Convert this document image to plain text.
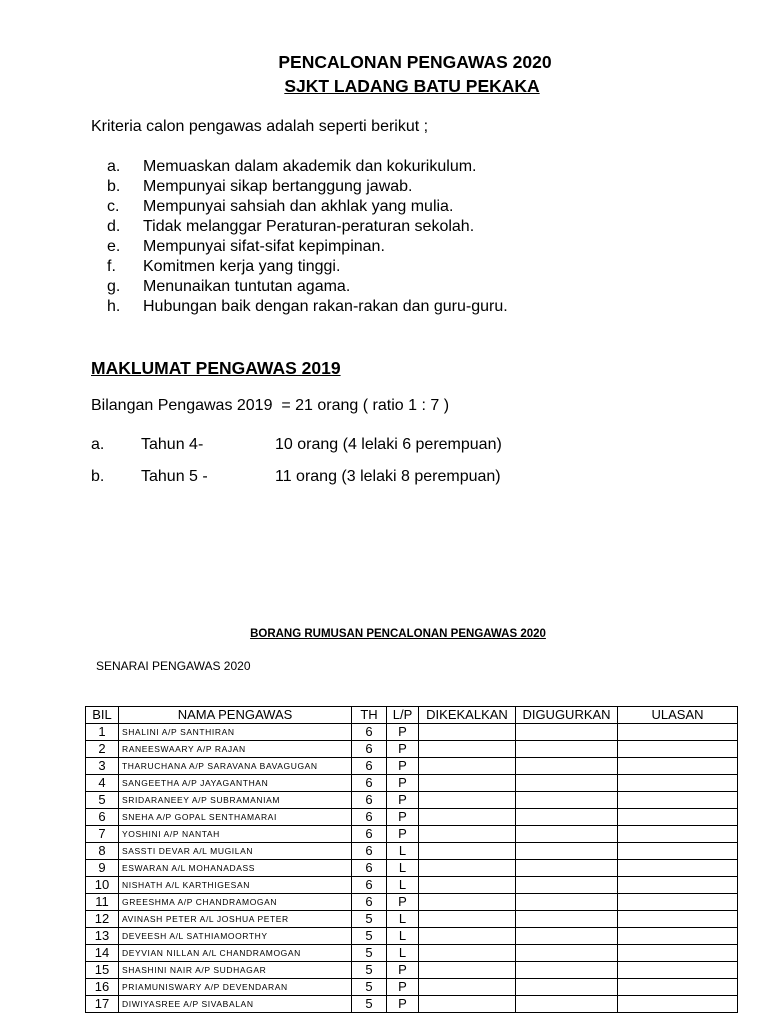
PENCALONAN PENGAWAS 2020
SJKT LADANG BATU PEKAKA
Kriteria calon pengawas adalah seperti berikut ;
a.	Memuaskan dalam akademik dan kokurikulum.
b.	Mempunyai sikap bertanggung jawab.
c.	Mempunyai sahsiah dan akhlak yang mulia.
d.	Tidak melanggar Peraturan-peraturan sekolah.
e.	Mempunyai sifat-sifat kepimpinan.
f.	Komitmen kerja yang tinggi.
g.	Menunaikan tuntutan agama.
h.	Hubungan baik dengan rakan-rakan dan guru-guru.
MAKLUMAT PENGAWAS 2019
Bilangan Pengawas 2019  = 21 orang ( ratio 1 : 7 )
a. Tahun 4-	10 orang (4 lelaki 6 perempuan)
b. Tahun 5 -	11 orang (3 lelaki 8 perempuan)
BORANG RUMUSAN PENCALONAN PENGAWAS 2020
SENARAI PENGAWAS 2020
BIL	NAMA PENGAWAS	TH	L/P	DIKEKALKAN	DIGUGURKAN	ULASAN
1	SHALINI A/P SANTHIRAN	6	P			
2	RANEESWAARY A/P RAJAN	6	P			
3	THARUCHANA A/P SARAVANA BAVAGUGAN	6	P			
4	SANGEETHA A/P JAYAGANTHAN	6	P			
5	SRIDARANEEY A/P SUBRAMANIAM	6	P			
6	SNEHA A/P GOPAL SENTHAMARAI	6	P			
7	YOSHINI A/P NANTAH	6	P			
8	SASSTI DEVAR A/L MUGILAN	6	L			
9	ESWARAN A/L MOHANADASS	6	L			
10	NISHATH A/L KARTHIGESAN	6	L			
11	GREESHMA A/P CHANDRAMOGAN	6	P			
12	AVINASH PETER A/L JOSHUA PETER	5	L			
13	DEVEESH A/L SATHIAMOORTHY	5	L			
14	DEYVIAN NILLAN A/L CHANDRAMOGAN	5	L			
15	SHASHINI NAIR A/P SUDHAGAR	5	P			
16	PRIAMUNISWARY A/P DEVENDARAN	5	P			
17	DIWIYASREE A/P SIVABALAN	5	P			
